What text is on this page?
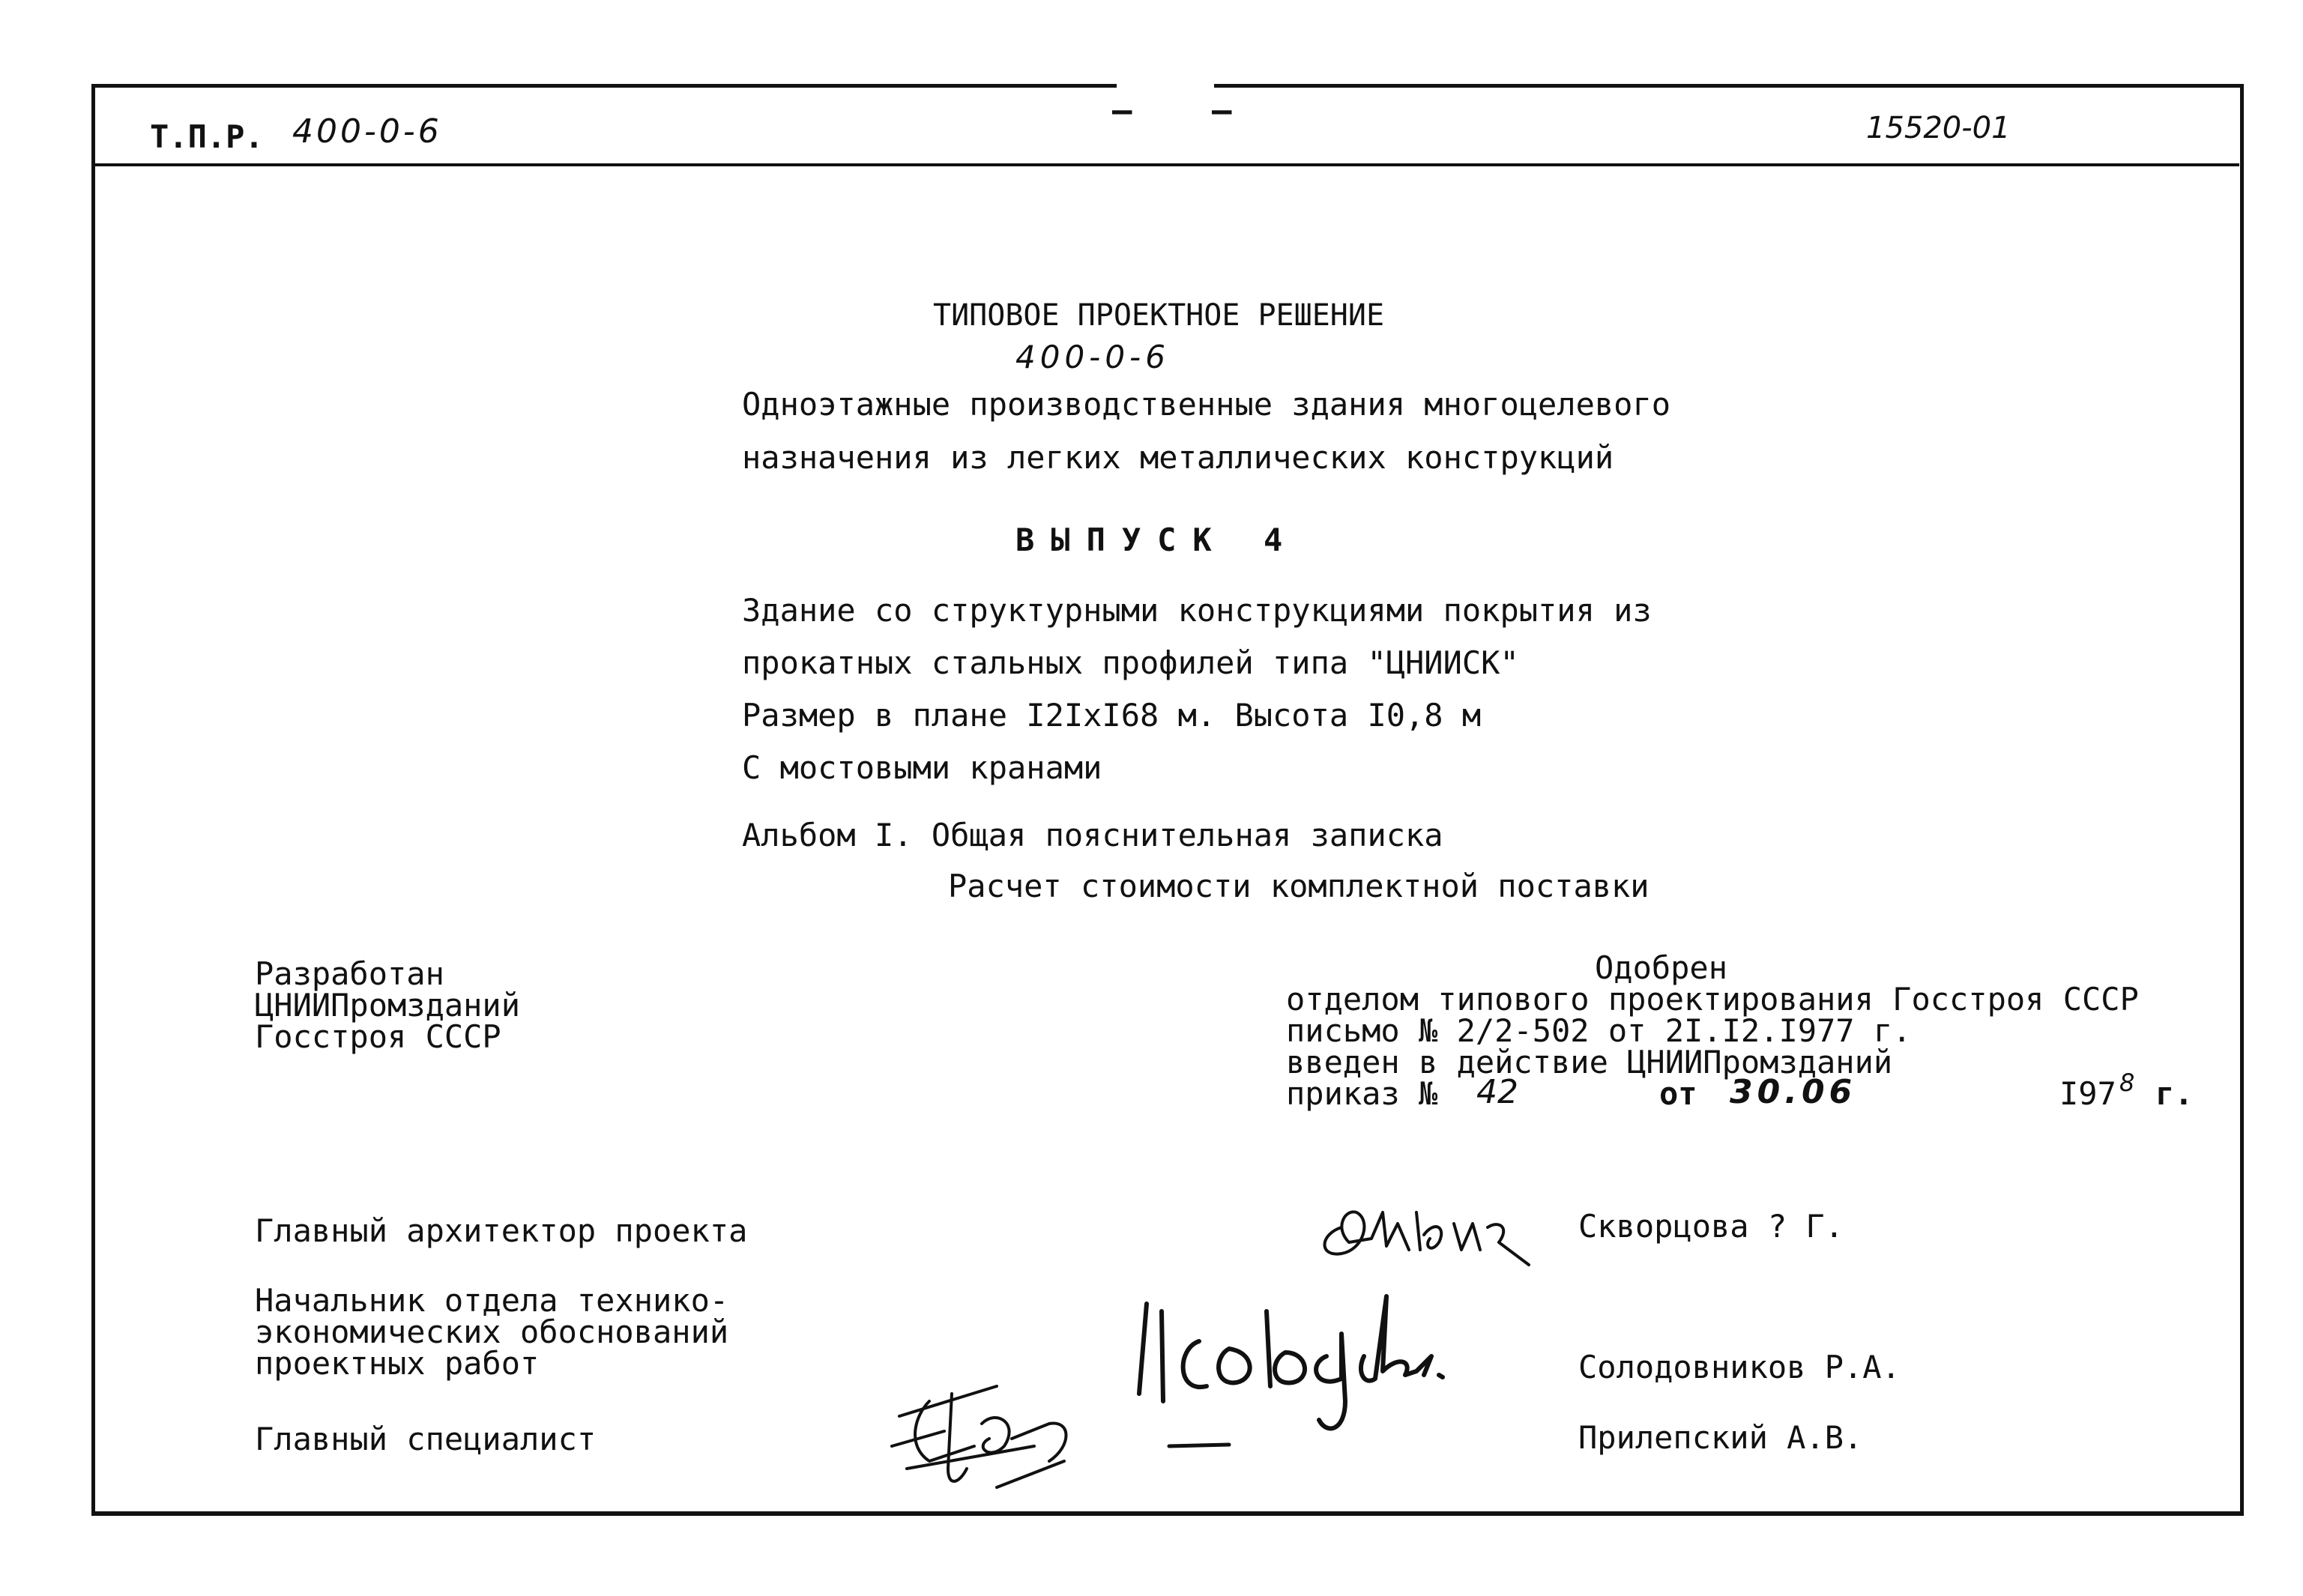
Т.П.Р. 400-0-6
– –	15520-01
ТИПОВОЕ ПРОЕКТНОЕ РЕШЕНИЕ
400-0-6
Одноэтажные производственные здания многоцелевого
назначения из легких металлических конструкций
ВЫПУСК 4
Здание со структурными конструкциями покрытия из
прокатных стальных профилей типа "ЦНИИСК"
Размер в плане I2IxI68 м. Высота I0,8 м
С мостовыми кранами
Альбом I. Общая пояснительная записка
Расчет стоимости комплектной поставки
Разработан
ЦНИИПромзданий
Госстроя СССР
Одобрен
отделом типового проектирования Госстроя СССР
письмо № 2/2-502 от 2I.I2.I977 г.
введен в действие ЦНИИПромзданий
приказ № 42	от 30.06	I97 8 г.
Главный архитектор проекта
Начальник отдела технико-
экономических обоснований
проектных работ
Главный специалист
Скворцова ? Г.
Солодовников Р.А.
Прилепский А.В.
